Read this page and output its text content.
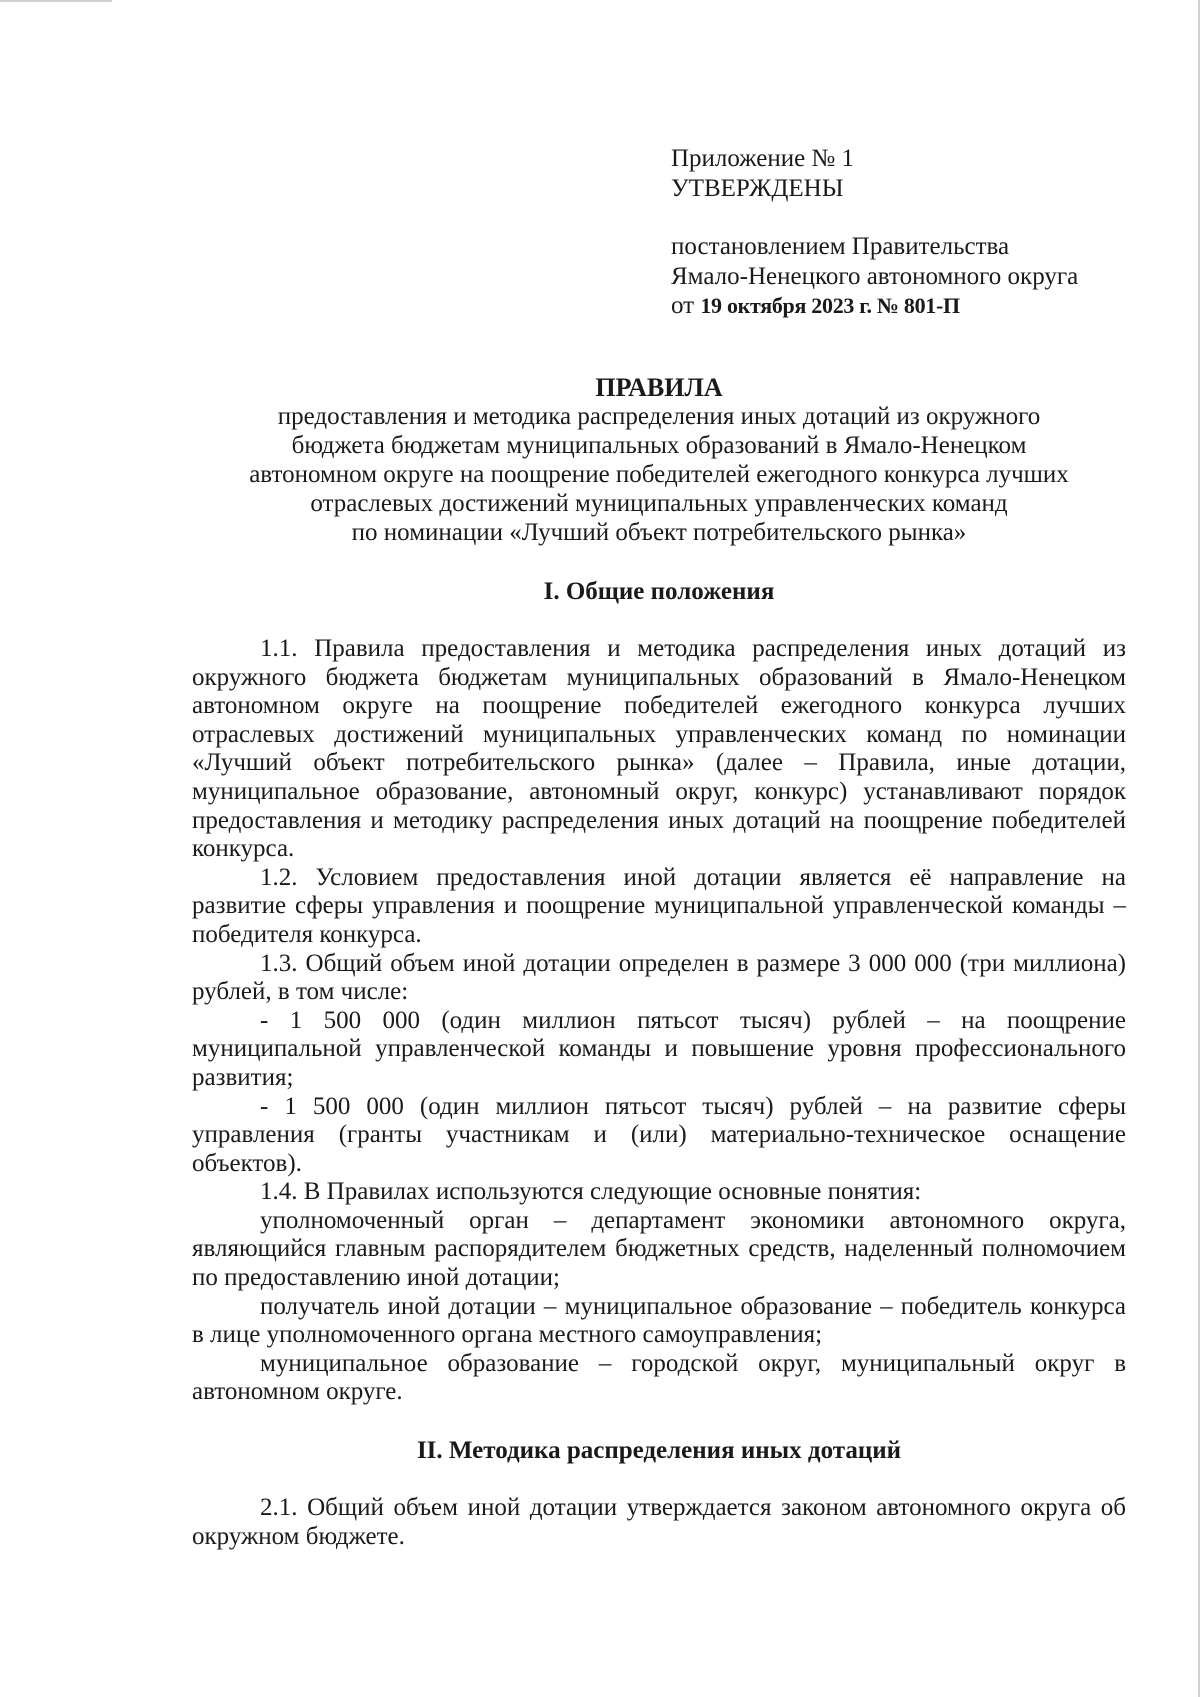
Приложение № 1
УТВЕРЖДЕНЫ
постановлением Правительства
Ямало-Ненецкого автономного округа
от 19 октября 2023 г. № 801-П
ПРАВИЛА
предоставления и методика распределения иных дотаций из окружного
бюджета бюджетам муниципальных образований в Ямало-Ненецком
автономном округе на поощрение победителей ежегодного конкурса лучших
отраслевых достижений муниципальных управленческих команд
по номинации «Лучший объект потребительского рынка»
I. Общие положения

1.1. Правила предоставления и методика распределения иных дотаций из окружного бюджета бюджетам муниципальных образований в Ямало-Ненецком автономном округе на поощрение победителей ежегодного конкурса лучших отраслевых достижений муниципальных управленческих команд по номинации «Лучший объект потребительского рынка» (далее – Правила, иные дотации, муниципальное образование, автономный округ, конкурс) устанавливают порядок предоставления и методику распределения иных дотаций на поощрение победителей конкурса.

1.2. Условием предоставления иной дотации является её направление на развитие сферы управления и поощрение муниципальной управленческой команды – победителя конкурса.

1.3. Общий объем иной дотации определен в размере 3 000 000 (три миллиона) рублей, в том числе:

- 1 500 000 (один миллион пятьсот тысяч) рублей – на поощрение муниципальной управленческой команды и повышение уровня профессионального развития;

- 1 500 000 (один миллион пятьсот тысяч) рублей – на развитие сферы управления (гранты участникам и (или) материально-техническое оснащение объектов).

1.4. В Правилах используются следующие основные понятия:

уполномоченный орган – департамент экономики автономного округа, являющийся главным распорядителем бюджетных средств, наделенный полномочием по предоставлению иной дотации;

получатель иной дотации – муниципальное образование – победитель конкурса в лице уполномоченного органа местного самоуправления;

муниципальное образование – городской округ, муниципальный округ в автономном округе.

II. Методика распределения иных дотаций

2.1. Общий объем иной дотации утверждается законом автономного округа об окружном бюджете.
